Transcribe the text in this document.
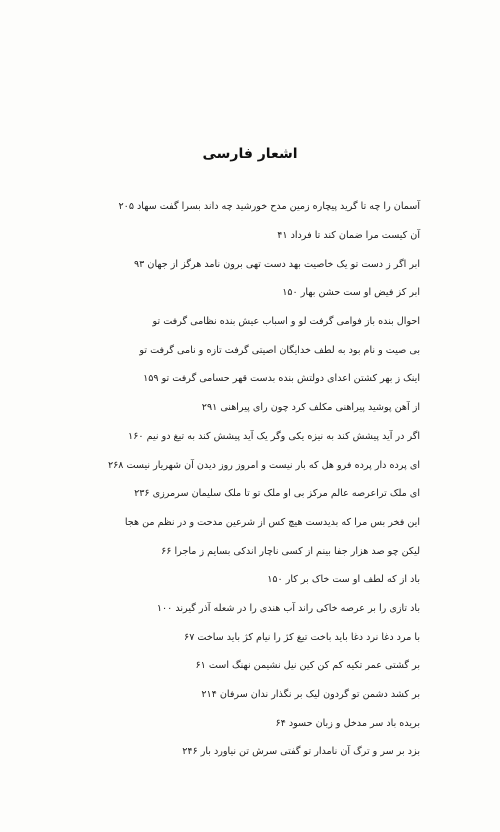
اشعار فارسی
آسمان را چه تا گرید پیچاره زمین مدح خورشید چه داند بسرا گفت سهاد ۲۰۵
آن کیست مرا ضمان کند تا فرداد ۴۱
ابر اگر ز دست تو یک خاصیت بهد دست تهی برون نامد هرگز از جهان ۹۳
ابر کز فیض او ست حشن بهار ۱۵۰
احوال بنده باز فوامی گرفت لو و اسباب عیش بنده نظامی گرفت تو
بی صیت و نام بود به لطف خدایگان اصیتی گرفت تازه و نامی گرفت تو
اینک ز بهر کشتن اعدای دولتش بنده بدست قهر حسامی گرفت تو ۱۵۹
از آهن پوشید پیراهنی مکلف کرد چون رای پیراهنی ۲۹۱
اگر در آید پیشش کند به نیزه یکی وگر یک آید پیشش کند به تیغ دو نیم ۱۶۰
ای پرده دار پرده فرو هل که بار نیست و امروز روز دیدن آن شهریار نیست ۲۶۸
ای ملک تراعرصه عالم مرکز بی او ملک تو تا ملک سلیمان سرمرزی ۲۳۶
این فخر بس مرا که بدیدست هیچ کس از شرعین مدحت و در نظم من هجا
لیکن چو صد هزار جفا بینم از کسی ناچار اندکی بسایم ز ماجرا ۶۶
باد از که لطف او ست خاک بر کار ۱۵۰
باد تازی را بر عرصه خاکی راند آب هندی را در شعله آذر گیرند ۱۰۰
با مرد دغا نرد دغا باید باخت تیغ کژ را نیام کژ باید ساخت ۶۷
بر گشتی عمر تکیه کم کن کین نیل نشیمن نهنگ است ۶۱
بر کشد دشمن تو گردون لیک بر نگذار ندان سرفان ۲۱۴
بریده باد سر مدخل و زبان حسود ۶۴
بزد بر سر و ترگ آن نامدار تو گفتی سرش تن نیاورد بار ۲۴۶
